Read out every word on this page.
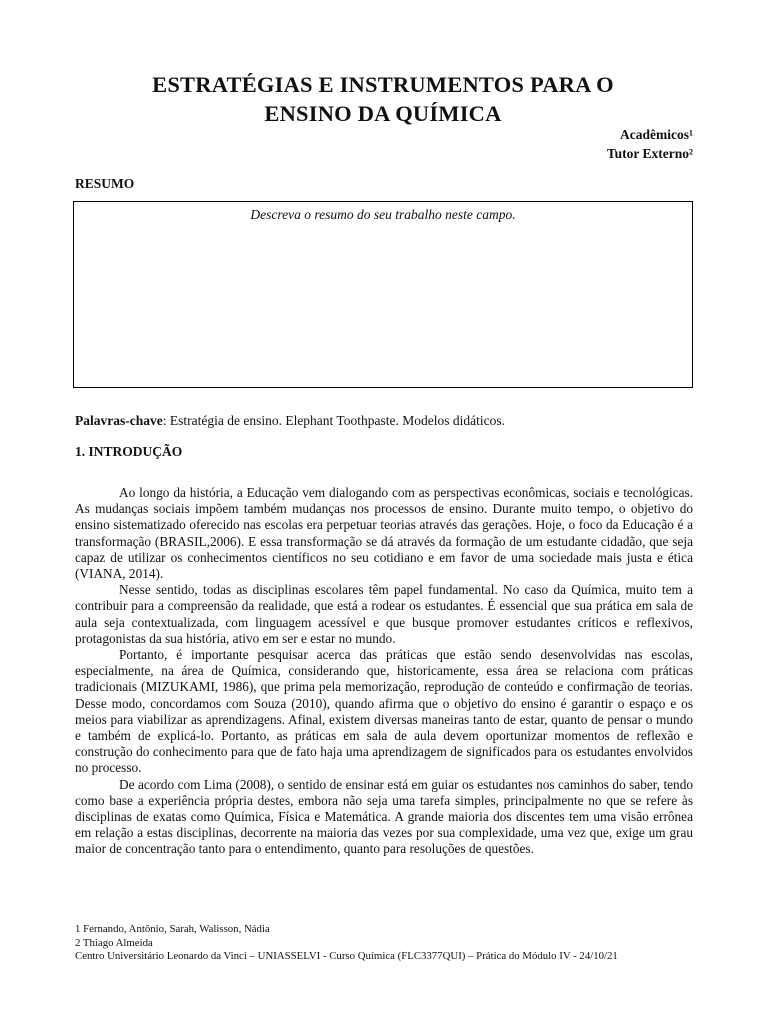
ESTRATÉGIAS E INSTRUMENTOS PARA O
ENSINO DA QUÍMICA
Acadêmicos¹
Tutor Externo²
RESUMO
Descreva o resumo do seu trabalho neste campo.
Palavras-chave: Estratégia de ensino. Elephant Toothpaste. Modelos didáticos.
1. INTRODUÇÃO

Ao longo da história, a Educação vem dialogando com as perspectivas econômicas, sociais e tecnológicas. As mudanças sociais impõem também mudanças nos processos de ensino. Durante muito tempo, o objetivo do ensino sistematizado oferecido nas escolas era perpetuar teorias através das gerações. Hoje, o foco da Educação é a transformação (BRASIL,2006). E essa transformação se dá através da formação de um estudante cidadão, que seja capaz de utilizar os conhecimentos científicos no seu cotidiano e em favor de uma sociedade mais justa e ética (VIANA, 2014).

Nesse sentido, todas as disciplinas escolares têm papel fundamental. No caso da Química, muito tem a contribuir para a compreensão da realidade, que está a rodear os estudantes. É essencial que sua prática em sala de aula seja contextualizada, com linguagem acessível e que busque promover estudantes críticos e reflexivos, protagonistas da sua história, ativo em ser e estar no mundo.

Portanto, é importante pesquisar acerca das práticas que estão sendo desenvolvidas nas escolas, especialmente, na área de Química, considerando que, historicamente, essa área se relaciona com práticas tradicionais (MIZUKAMI, 1986), que prima pela memorização, reprodução de conteúdo e confirmação de teorias. Desse modo, concordamos com Souza (2010), quando afirma que o objetivo do ensino é garantir o espaço e os meios para viabilizar as aprendizagens. Afinal, existem diversas maneiras tanto de estar, quanto de pensar o mundo e também de explicá-lo. Portanto, as práticas em sala de aula devem oportunizar momentos de reflexão e construção do conhecimento para que de fato haja uma aprendizagem de significados para os estudantes envolvidos no processo.

De acordo com Lima (2008), o sentido de ensinar está em guiar os estudantes nos caminhos do saber, tendo como base a experiência própria destes, embora não seja uma tarefa simples, principalmente no que se refere às disciplinas de exatas como Química, Física e Matemática. A grande maioria dos discentes tem uma visão errônea em relação a estas disciplinas, decorrente na maioria das vezes por sua complexidade, uma vez que, exige um grau maior de concentração tanto para o entendimento, quanto para resoluções de questões.

1 Fernando, Antônio, Sarah, Walisson, Nádia
2 Thiago Almeida
Centro Universitário Leonardo da Vinci – UNIASSELVI - Curso Química (FLC3377QUI) – Prática do Módulo IV - 24/10/21
